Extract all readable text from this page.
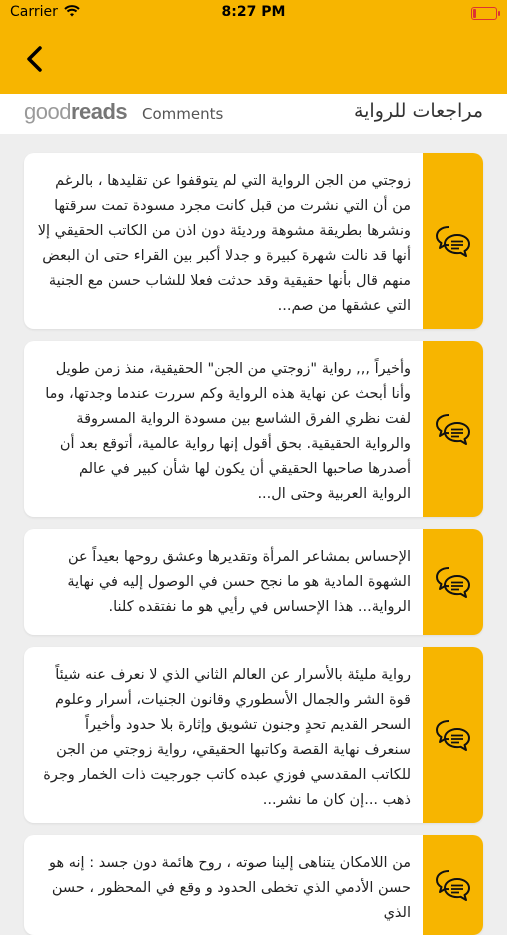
Carrier	8:27 PM
goodreads Comments	مراجعات للرواية
زوجتي من الجن الرواية التي لم يتوقفوا عن تقليدها ، بالرغم من أن التي نشرت من قبل كانت مجرد مسودة تمت سرقتها ونشرها بطريقة مشوهة ورديئة دون اذن من الكاتب الحقيقي إلا أنها قد نالت شهرة كبيرة و جدلا أكبر بين القراء حتى ان البعض منهم قال بأنها حقيقية وقد حدثت فعلا للشاب حسن مع الجنية التي عشقها من صم...
وأخيراً ,,, رواية "زوجتي من الجن" الحقيقية، منذ زمن طويل وأنا أبحث عن نهاية هذه الرواية وكم سررت عندما وجدتها، وما لفت نظري الفرق الشاسع بين مسودة الرواية المسروقة والرواية الحقيقية. بحق أقول إنها رواية عالمية، أتوقع بعد أن أصدرها صاحبها الحقيقي أن يكون لها شأن كبير في عالم الرواية العربية وحتى ال...
الإحساس بمشاعر المرأة وتقديرها وعشق روحها بعيداً عن الشهوة المادية هو ما نجح حسن في الوصول إليه في نهاية الرواية... هذا الإحساس في رأيي هو ما نفتقده كلنا.
رواية مليئة بالأسرار عن العالم الثاني الذي لا نعرف عنه شيئاً قوة الشر والجمال الأسطوري وقانون الجنيات، أسرار وعلوم السحر القديم تحدٍ وجنون تشويق وإثارة بلا حدود وأخيراً سنعرف نهاية القصة وكاتبها الحقيقي، رواية زوجتي من الجن للكاتب المقدسي فوزي عبده كاتب جورجيت ذات الخمار وجرة ذهب ...إن كان ما نشر...
من اللامكان يتناهى إلينا صوته ، روح هائمة دون جسد : إنه هو حسن الأدمي الذي تخطى الحدود و وقع في المحظور ، حسن الذي
